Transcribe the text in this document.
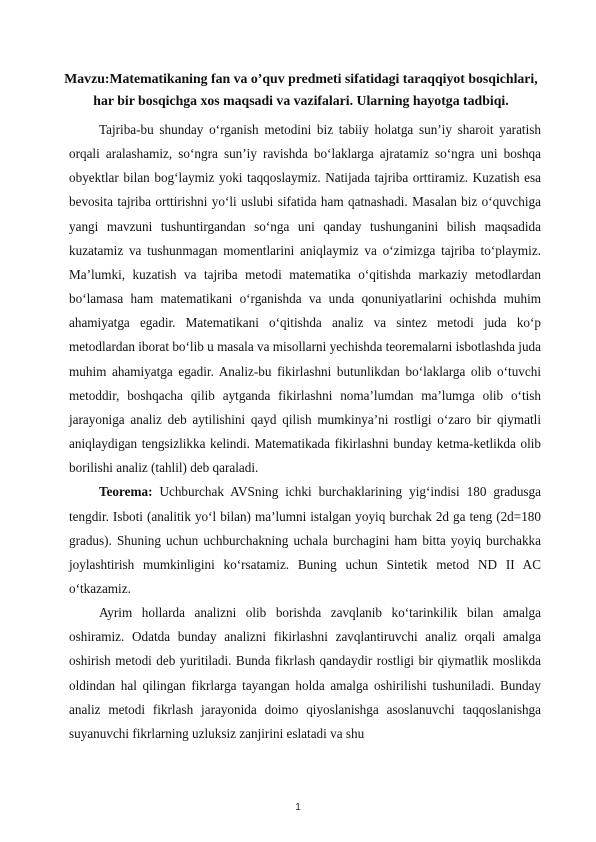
Mavzu:Matematikaning fan va o’quv predmeti sifatidagi taraqqiyot bosqichlari, har bir bosqichga xos maqsadi va vazifalari. Ularning hayotga tadbiqi.

Tajriba-bu shunday o‘rganish metodini biz tabiiy holatga sun’iy sharoit yaratish orqali aralashamiz, so‘ngra sun’iy ravishda bo‘laklarga ajratamiz so‘ngra uni boshqa obyektlar bilan bog‘laymiz yoki taqqoslaymiz. Natijada tajriba orttiramiz. Kuzatish esa bevosita tajriba orttirishni yo‘li uslubi sifatida ham qatnashadi. Masalan biz o‘quvchiga yangi mavzuni tushuntirgandan so‘nga uni qanday tushunganini bilish maqsadida kuzatamiz va tushunmagan momentlarini aniqlaymiz va o‘zimizga tajriba to‘playmiz. Ma’lumki, kuzatish va tajriba metodi matematika o‘qitishda markaziy metodlardan bo‘lamasa ham matematikani o‘rganishda va unda qonuniyatlarini ochishda muhim ahamiyatga egadir. Matematikani o‘qitishda analiz va sintez metodi juda ko‘p metodlardan iborat bo‘lib u masala va misollarni yechishda teoremalarni isbotlashda juda muhim ahamiyatga egadir. Analiz-bu fikirlashni butunlikdan bo‘laklarga olib o‘tuvchi metoddir, boshqacha qilib aytganda fikirlashni noma’lumdan ma’lumga olib o‘tish jarayoniga analiz deb aytilishini qayd qilish mumkinya’ni rostligi o‘zaro bir qiymatli aniqlaydigan tengsizlikka kelindi. Matematikada fikirlashni bunday ketma-ketlikda olib borilishi analiz (tahlil) deb qaraladi.

Teorema: Uchburchak AVSning ichki burchaklarining yig‘indisi 180 gradusga tengdir. Isboti (analitik yo‘l bilan) ma’lumni istalgan yoyiq burchak 2d ga teng (2d=180 gradus). Shuning uchun uchburchakning uchala burchagini ham bitta yoyiq burchakka joylashtirish mumkinligini ko‘rsatamiz. Buning uchun Sintetik metod ND II AC o‘tkazamiz.

Ayrim hollarda analizni olib borishda zavqlanib ko‘tarinkilik bilan amalga oshiramiz. Odatda bunday analizni fikirlashni zavqlantiruvchi analiz orqali amalga oshirish metodi deb yuritiladi. Bunda fikrlash qandaydir rostligi bir qiymatlik moslikda oldindan hal qilingan fikrlarga tayangan holda amalga oshirilishi tushuniladi. Bunday analiz metodi fikrlash jarayonida doimo qiyoslanishga asoslanuvchi taqqoslanishga suyanuvchi fikrlarning uzluksiz zanjirini eslatadi va shu

1
